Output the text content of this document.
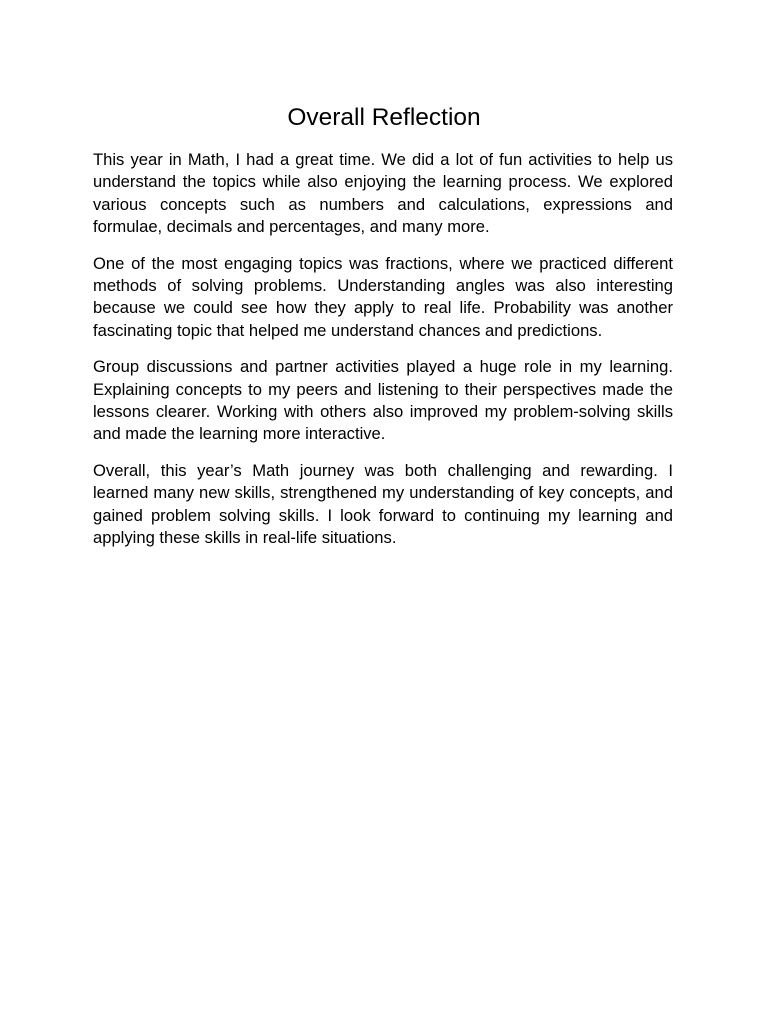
Overall Reflection

This year in Math, I had a great time. We did a lot of fun activities to help us understand the topics while also enjoying the learning process. We explored various concepts such as numbers and calculations, expressions and formulae, decimals and percentages, and many more.

One of the most engaging topics was fractions, where we practiced different methods of solving problems. Understanding angles was also interesting because we could see how they apply to real life. Probability was another fascinating topic that helped me understand chances and predictions.

Group discussions and partner activities played a huge role in my learning. Explaining concepts to my peers and listening to their perspectives made the lessons clearer. Working with others also improved my problem-solving skills and made the learning more interactive.

Overall, this year’s Math journey was both challenging and rewarding. I learned many new skills, strengthened my understanding of key concepts, and gained problem solving skills. I look forward to continuing my learning and applying these skills in real-life situations.
